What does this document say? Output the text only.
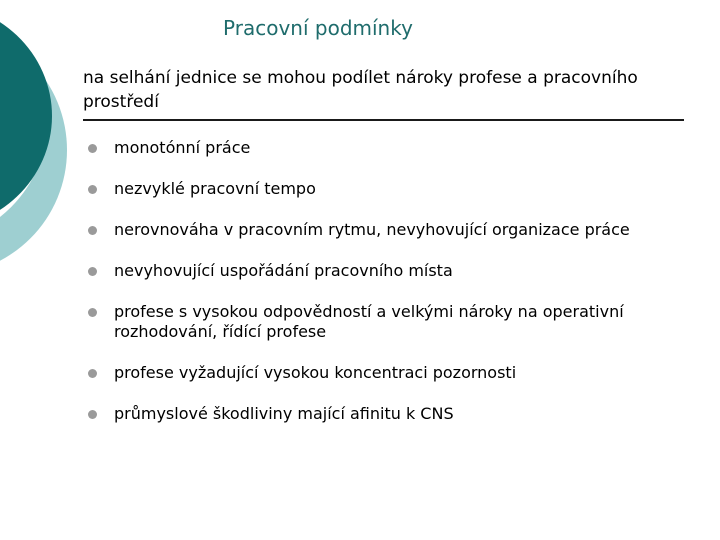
Pracovní podmínky
na selhání jednice se mohou podílet nároky profese a pracovního prostředí
monotónní práce
nezvyklé pracovní tempo
nerovnováha v pracovním rytmu, nevyhovující organizace práce
nevyhovující uspořádání pracovního místa
profese s vysokou odpovědností a velkými nároky na operativní rozhodování, řídící profese
profese vyžadující vysokou koncentraci pozornosti
průmyslové škodliviny mající afinitu k CNS
